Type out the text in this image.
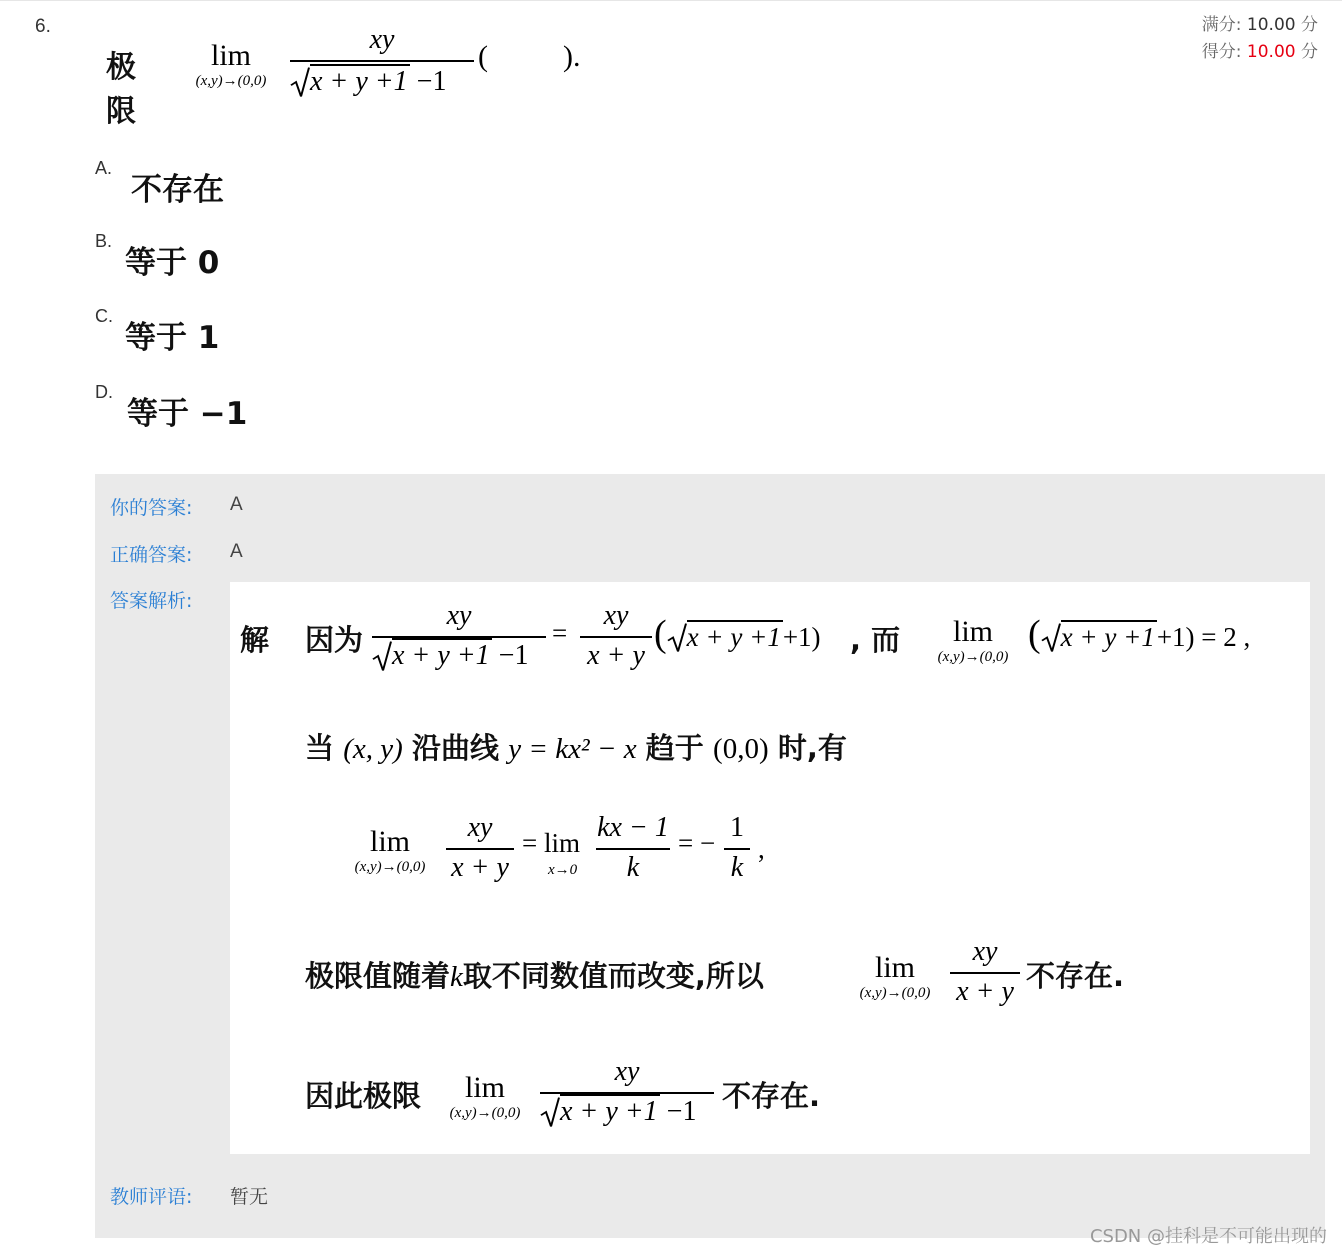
6.	满分: 10.00 分
得分: 10.00 分
极限
lim
(x,y)→(0,0)
xy
x + y +1 −1
(          ).
A.
不存在
B.
等于 0
C.
等于 1
D.
等于 −1
你的答案: A
正确答案: A
答案解析:
解 因为
xy
x + y +1 −1
=
xy
x + y
( x + y +1+1) , 而	lim
(x,y)→(0,0)
( x + y +1+1) = 2 ,
当 (x, y) 沿曲线 y = kx² − x 趋于 (0,0) 时,有
lim
(x,y)→(0,0)
xy
x + y
= lim
x→0
kx − 1
k
= − 1
k
,
极限值随着k取不同数值而改变,所以	lim
(x,y)→(0,0)
xy
x + y 不存在.
因此极限	lim
(x,y)→(0,0)
xy
x + y +1 −1 不存在.
教师评语: 暂无
CSDN @挂科是不可能出现的
